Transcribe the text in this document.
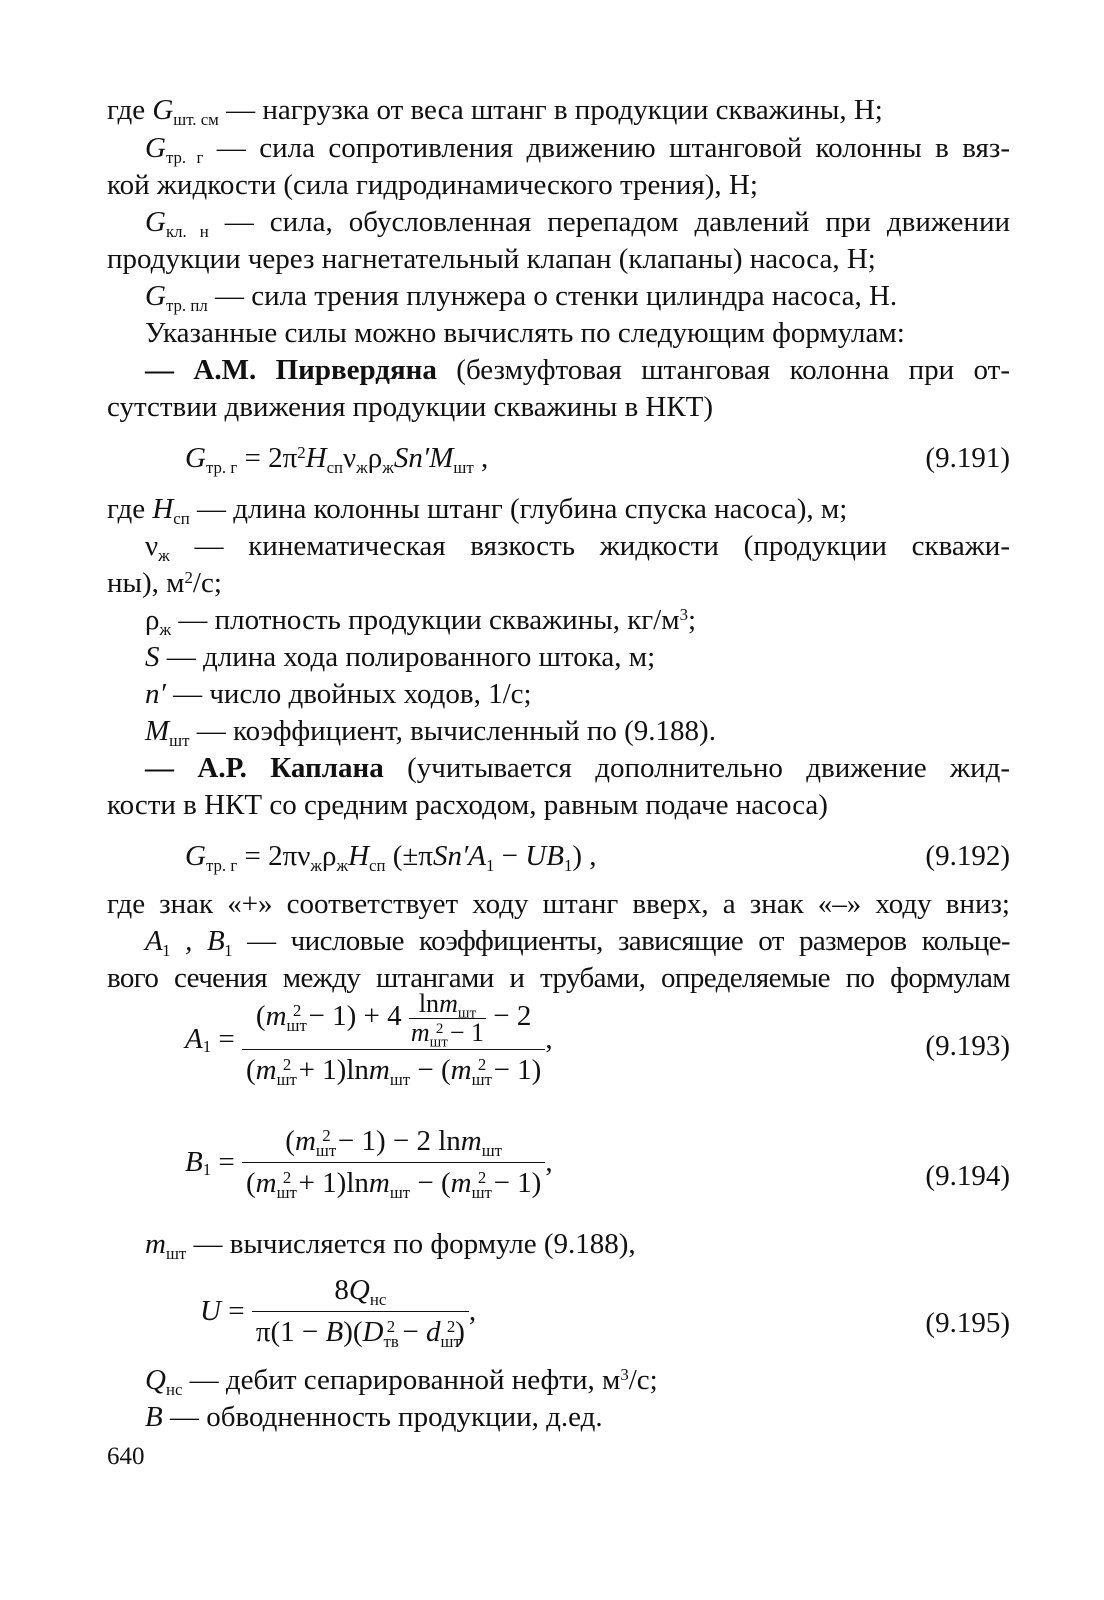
где $G_{шт. см}$ — нагрузка от веса штанг в продукции скважины, Н;
$G_{тр. г}$ — сила сопротивления движению штанговой колонны в вяз-
кой жидкости (сила гидродинамического трения), Н;
$G_{кл. н}$ — сила, обусловленная перепадом давлений при движении
продукции через нагнетательный клапан (клапаны) насоса, Н;
$G_{тр. пл}$ — сила трения плунжера о стенки цилиндра насоса, Н.
Указанные силы можно вычислять по следующим формулам:
— А.М. Пирвердяна (безмуфтовая штанговая колонна при от-
сутствии движения продукции скважины в НКТ)
$G_{тр. г} = 2\pi^2H_{сп}\nu_ж\rho_жSn'M_{шт}$ ,	(9.191)
где $H_{сп}$ — длина колонны штанг (глубина спуска насоса), м;
$\nu_ж$ — кинематическая вязкость жидкости (продукции скважи-
ны), $м^2/с$;
$\rho_ж$ — плотность продукции скважины, $кг/м^3$;
S — длина хода полированного штока, м;
n′ — число двойных ходов, 1/с;
$M_{шт}$ — коэффициент, вычисленный по (9.188).
— А.Р. Каплана (учитывается дополнительно движение жид-
кости в НКТ со средним расходом, равным подаче насоса)
$G_{тр. г} = 2\pi\nu_ж\rho_жH_{сп}$ $(\pm\pi Sn'A_1 - UB_1)$ ,	(9.192)
где знак «+» соответствует ходу штанг вверх, а знак «–» ходу вниз;
$A_1$ , $B_1$ — числовые коэффициенты, зависящие от размеров кольце-
вого сечения между штангами и трубами, определяемые по формулам
$A_1 = \frac{(m_{шт}^2 - 1) + 4 \frac{\ln m_{шт}}{m_{шт}^2 - 1} - 2}{(m_{шт}^2 + 1)\ln m_{шт} - (m_{шт}^2 - 1)}$ ,	(9.193)
$B_1 = \frac{(m_{шт}^2 - 1) - 2 \ln m_{шт}}{(m_{шт}^2 + 1)\ln m_{шт} - (m_{шт}^2 - 1)}$ ,	(9.194)
$m_{шт}$ — вычисляется по формуле (9.188),
$U = \frac{8Q_{нс}}{\pi(1 - B)(D_{тв}^2 - d_{шт}^2)}$ ,	(9.195)
$Q_{нс}$ — дебит сепарированной нефти, $м^3/с$;
B — обводненность продукции, д.ед.
640
